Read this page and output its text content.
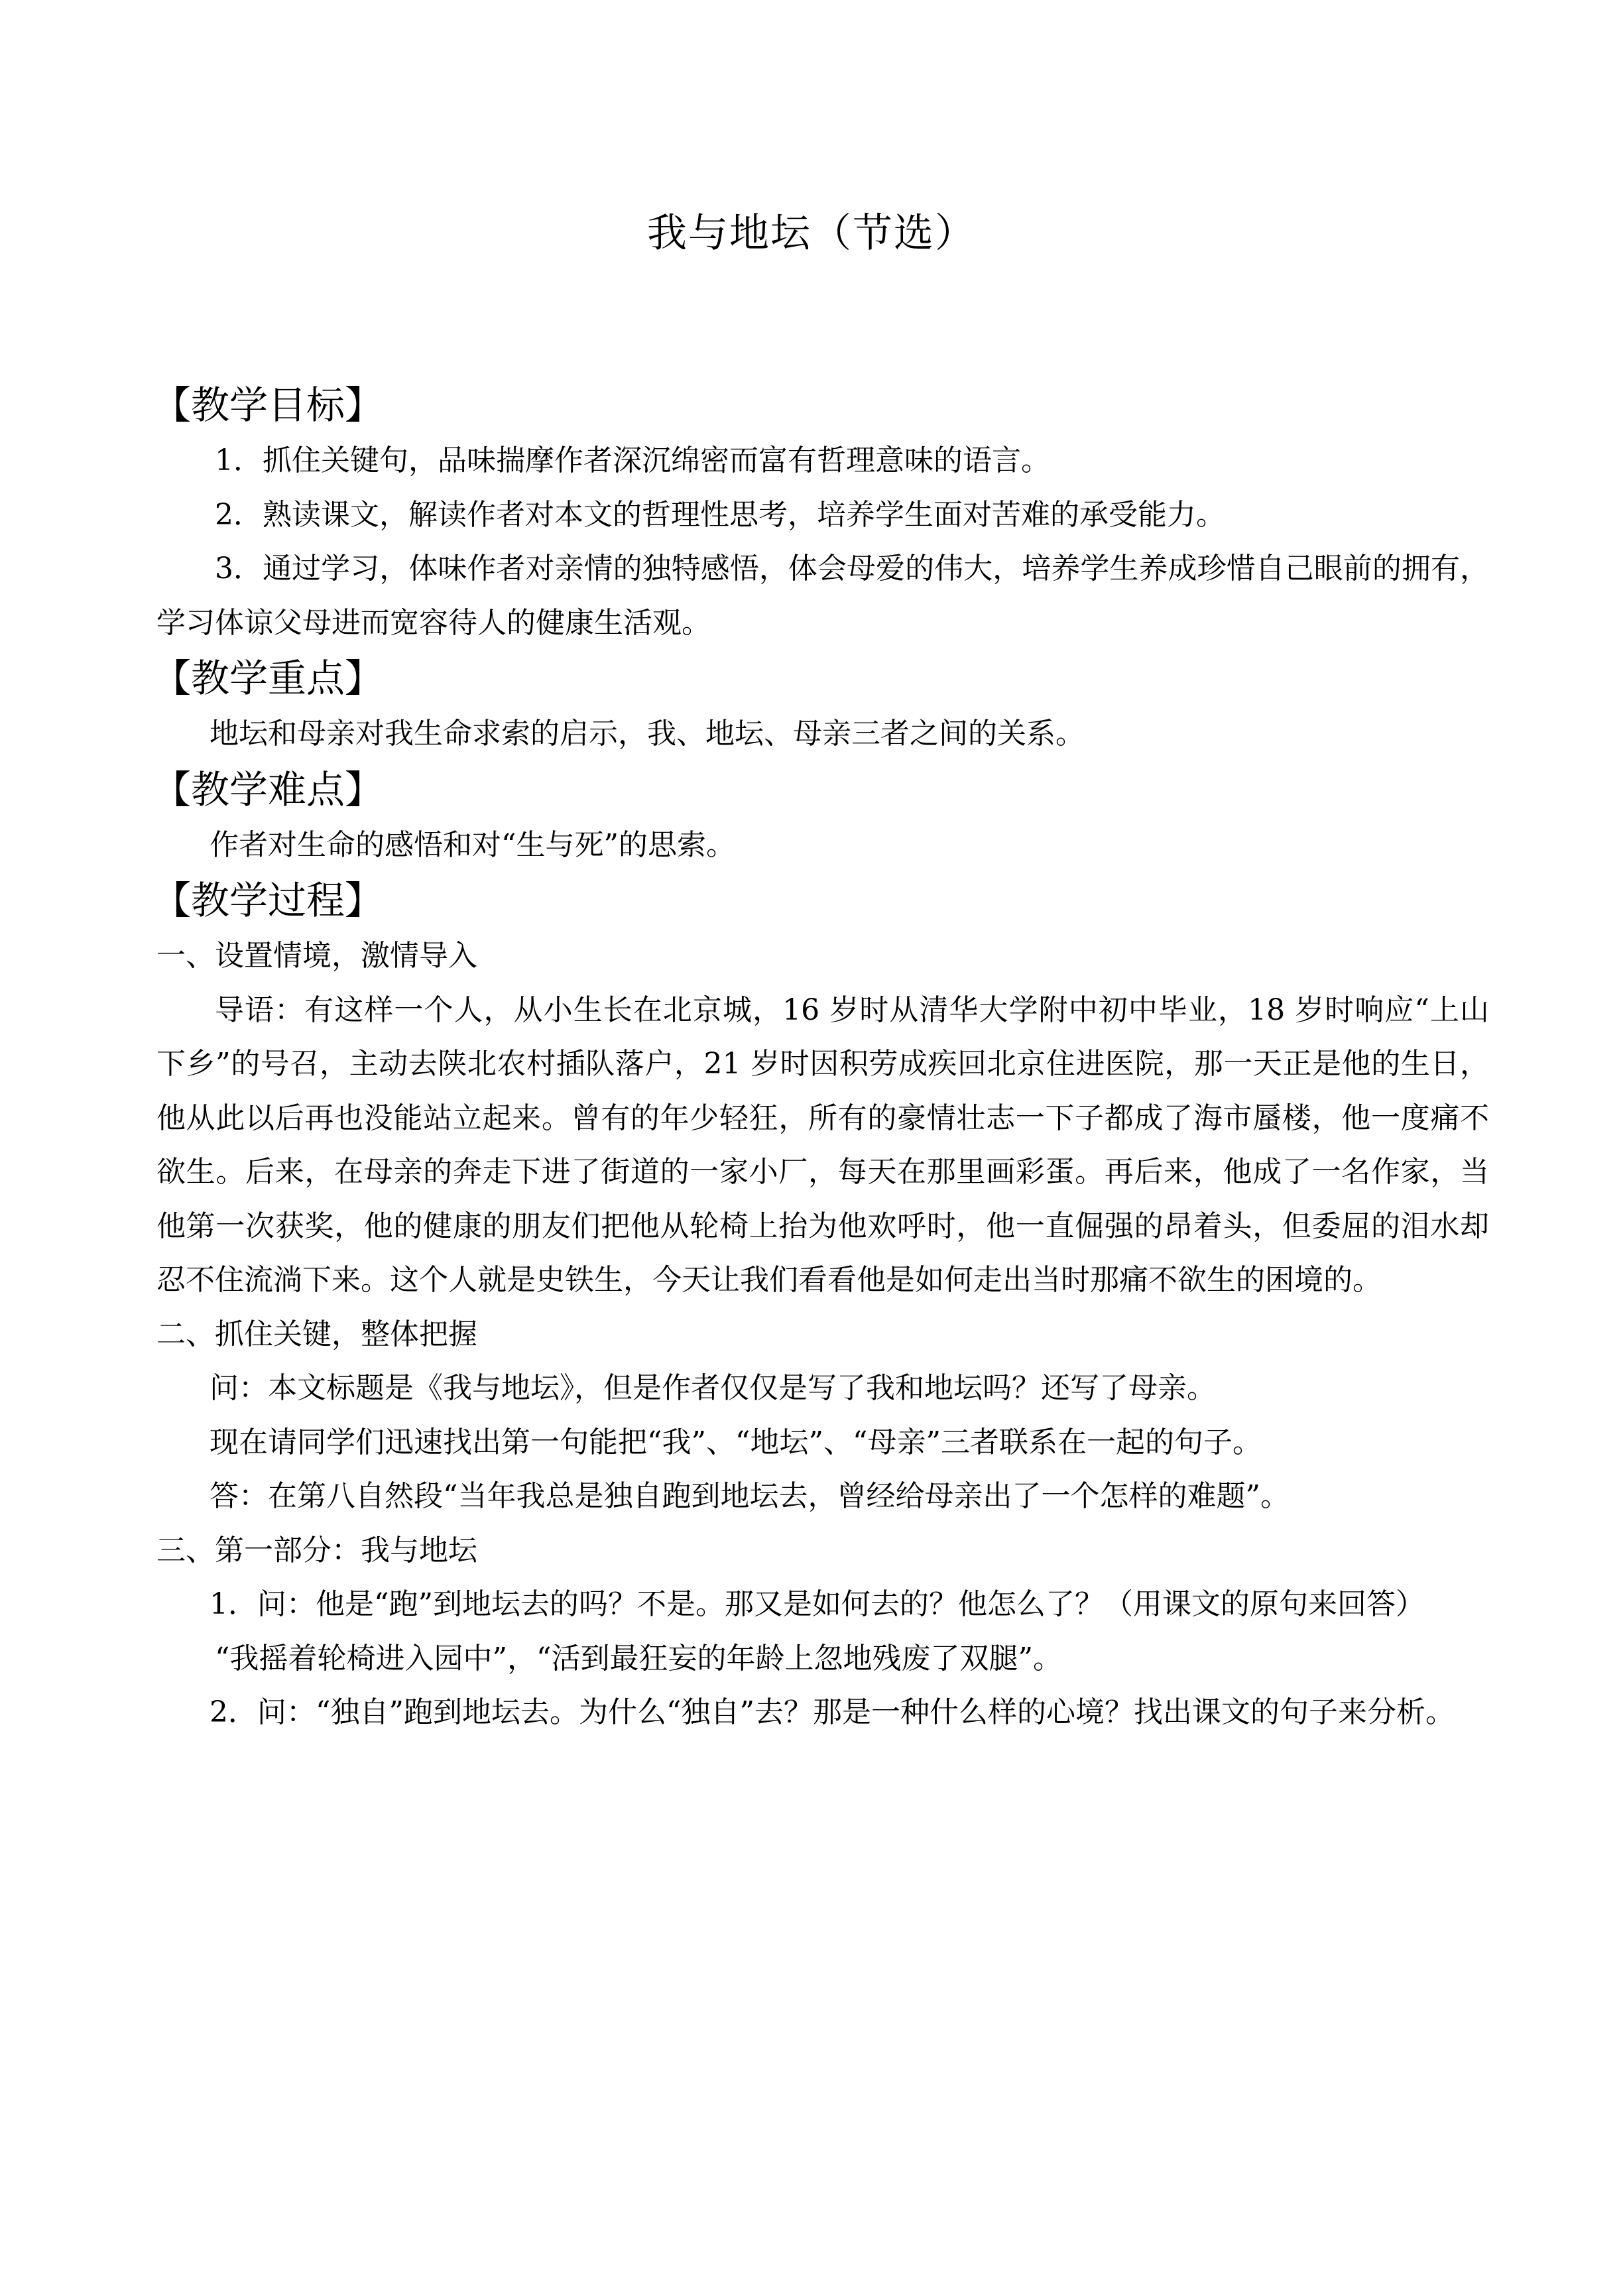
我与地坛（节选）
【教学目标】
1．抓住关键句，品味揣摩作者深沉绵密而富有哲理意味的语言。
2．熟读课文，解读作者对本文的哲理性思考，培养学生面对苦难的承受能力。
3．通过学习，体味作者对亲情的独特感悟，体会母爱的伟大，培养学生养成珍惜自己眼前的拥有，学习体谅父母进而宽容待人的健康生活观。
【教学重点】
地坛和母亲对我生命求索的启示，我、地坛、母亲三者之间的关系。
【教学难点】
作者对生命的感悟和对“生与死”的思索。
【教学过程】
一、设置情境，激情导入
导语：有这样一个人，从小生长在北京城，16 岁时从清华大学附中初中毕业，18 岁时响应“上山下乡”的号召，主动去陕北农村插队落户，21 岁时因积劳成疾回北京住进医院，那一天正是他的生日，他从此以后再也没能站立起来。曾有的年少轻狂，所有的豪情壮志一下子都成了海市蜃楼，他一度痛不欲生。后来，在母亲的奔走下进了街道的一家小厂，每天在那里画彩蛋。再后来，他成了一名作家，当他第一次获奖，他的健康的朋友们把他从轮椅上抬为他欢呼时，他一直倔强的昂着头，但委屈的泪水却忍不住流淌下来。这个人就是史铁生，今天让我们看看他是如何走出当时那痛不欲生的困境的。
二、抓住关键，整体把握
问：本文标题是《我与地坛》，但是作者仅仅是写了我和地坛吗？还写了母亲。
现在请同学们迅速找出第一句能把“我”、“地坛”、“母亲”三者联系在一起的句子。
答：在第八自然段“当年我总是独自跑到地坛去，曾经给母亲出了一个怎样的难题”。
三、第一部分：我与地坛
1．问：他是“跑”到地坛去的吗？不是。那又是如何去的？他怎么了？（用课文的原句来回答）
“我摇着轮椅进入园中”，“活到最狂妄的年龄上忽地残废了双腿”。
2．问：“独自”跑到地坛去。为什么“独自”去？那是一种什么样的心境？找出课文的句子来分析。
